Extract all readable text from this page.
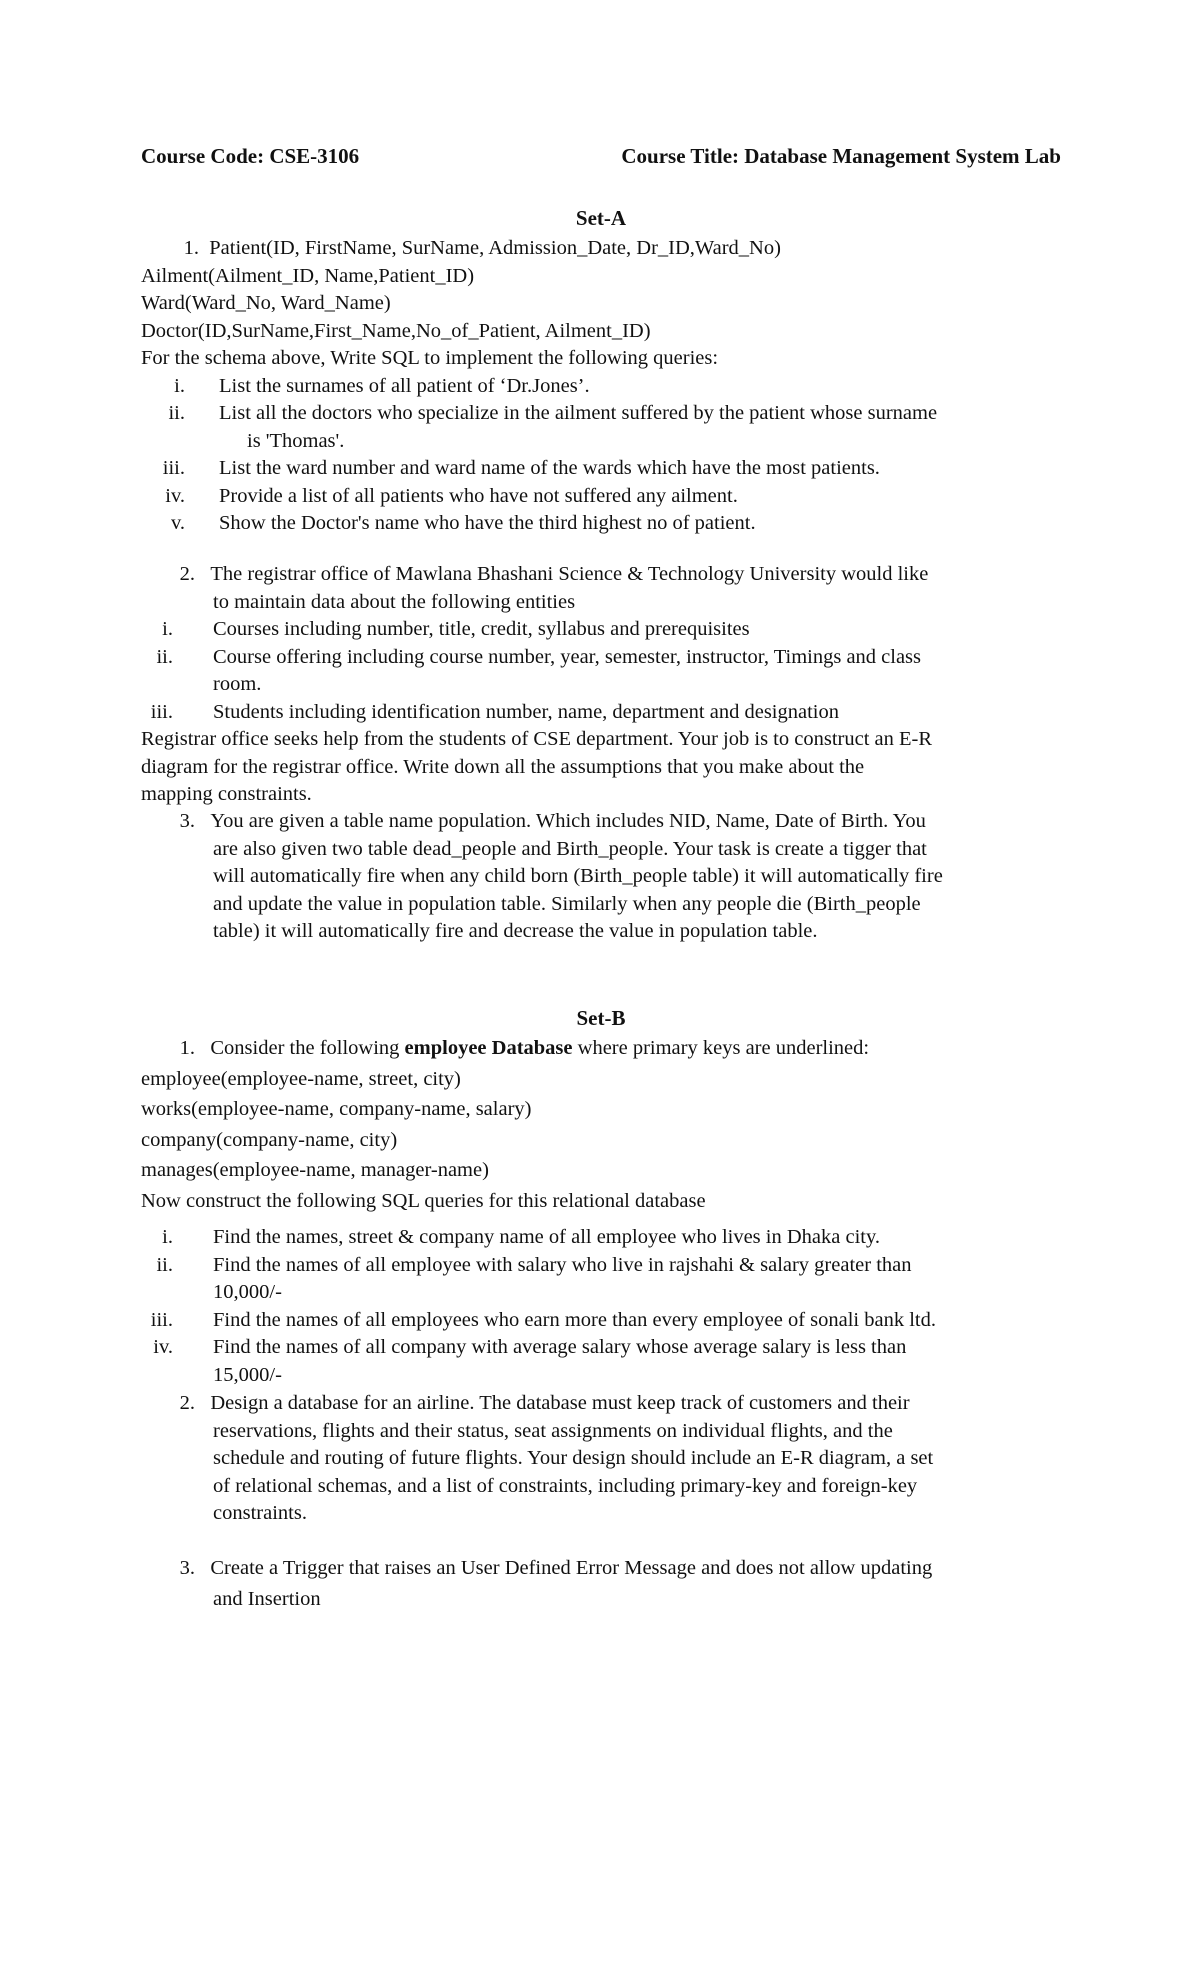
Course Code: CSE-3106	Course Title: Database Management System Lab
Set-A
1. Patient(ID, FirstName, SurName, Admission_Date, Dr_ID,Ward_No)
Ailment(Ailment_ID, Name,Patient_ID)
Ward(Ward_No, Ward_Name)
Doctor(ID,SurName,First_Name,No_of_Patient, Ailment_ID)
For the schema above, Write SQL to implement the following queries:
i. List the surnames of all patient of ‘Dr.Jones’.
ii. List all the doctors who specialize in the ailment suffered by the patient whose surname
is 'Thomas'.
iii. List the ward number and ward name of the wards which have the most patients.
iv. Provide a list of all patients who have not suffered any ailment.
v. Show the Doctor's name who have the third highest no of patient.
2. The registrar office of Mawlana Bhashani Science & Technology University would like
to maintain data about the following entities
i. Courses including number, title, credit, syllabus and prerequisites
ii. Course offering including course number, year, semester, instructor, Timings and class
room.
iii. Students including identification number, name, department and designation
Registrar office seeks help from the students of CSE department. Your job is to construct an E-R
diagram for the registrar office. Write down all the assumptions that you make about the
mapping constraints.
3. You are given a table name population. Which includes NID, Name, Date of Birth. You
are also given two table dead_people and Birth_people. Your task is create a tigger that
will automatically fire when any child born (Birth_people table) it will automatically fire
and update the value in population table. Similarly when any people die (Birth_people
table) it will automatically fire and decrease the value in population table.
Set-B
1. Consider the following employee Database where primary keys are underlined:
employee(employee-name, street, city)
works(employee-name, company-name, salary)
company(company-name, city)
manages(employee-name, manager-name)
Now construct the following SQL queries for this relational database
i. Find the names, street & company name of all employee who lives in Dhaka city.
ii. Find the names of all employee with salary who live in rajshahi & salary greater than
10,000/-
iii. Find the names of all employees who earn more than every employee of sonali bank ltd.
iv. Find the names of all company with average salary whose average salary is less than
15,000/-
2. Design a database for an airline. The database must keep track of customers and their
reservations, flights and their status, seat assignments on individual flights, and the
schedule and routing of future flights. Your design should include an E-R diagram, a set
of relational schemas, and a list of constraints, including primary-key and foreign-key
constraints.
3. Create a Trigger that raises an User Defined Error Message and does not allow updating
and Insertion
